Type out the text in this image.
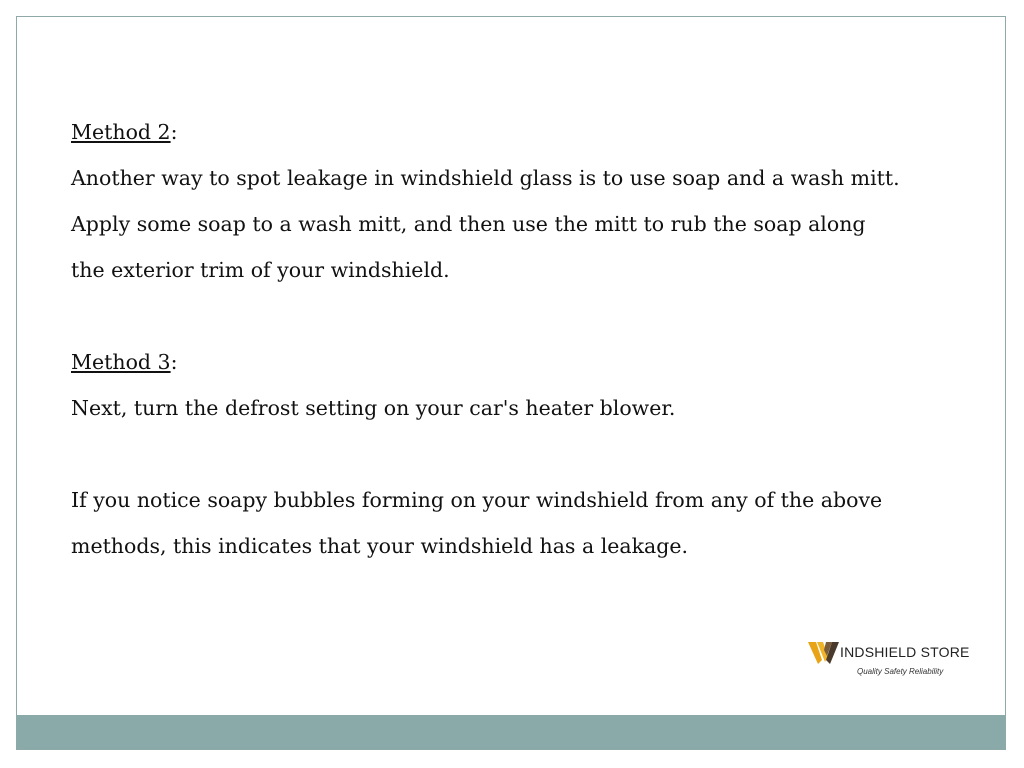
Method 2:

Another way to spot leakage in windshield glass is to use soap and a wash mitt.

Apply some soap to a wash mitt, and then use the mitt to rub the soap along

the exterior trim of your windshield.

Method 3:

Next, turn the defrost setting on your car's heater blower.

If you notice soapy bubbles forming on your windshield from any of the above

methods, this indicates that your windshield has a leakage.

INDSHIELD STORE
Quality Safety Reliability
